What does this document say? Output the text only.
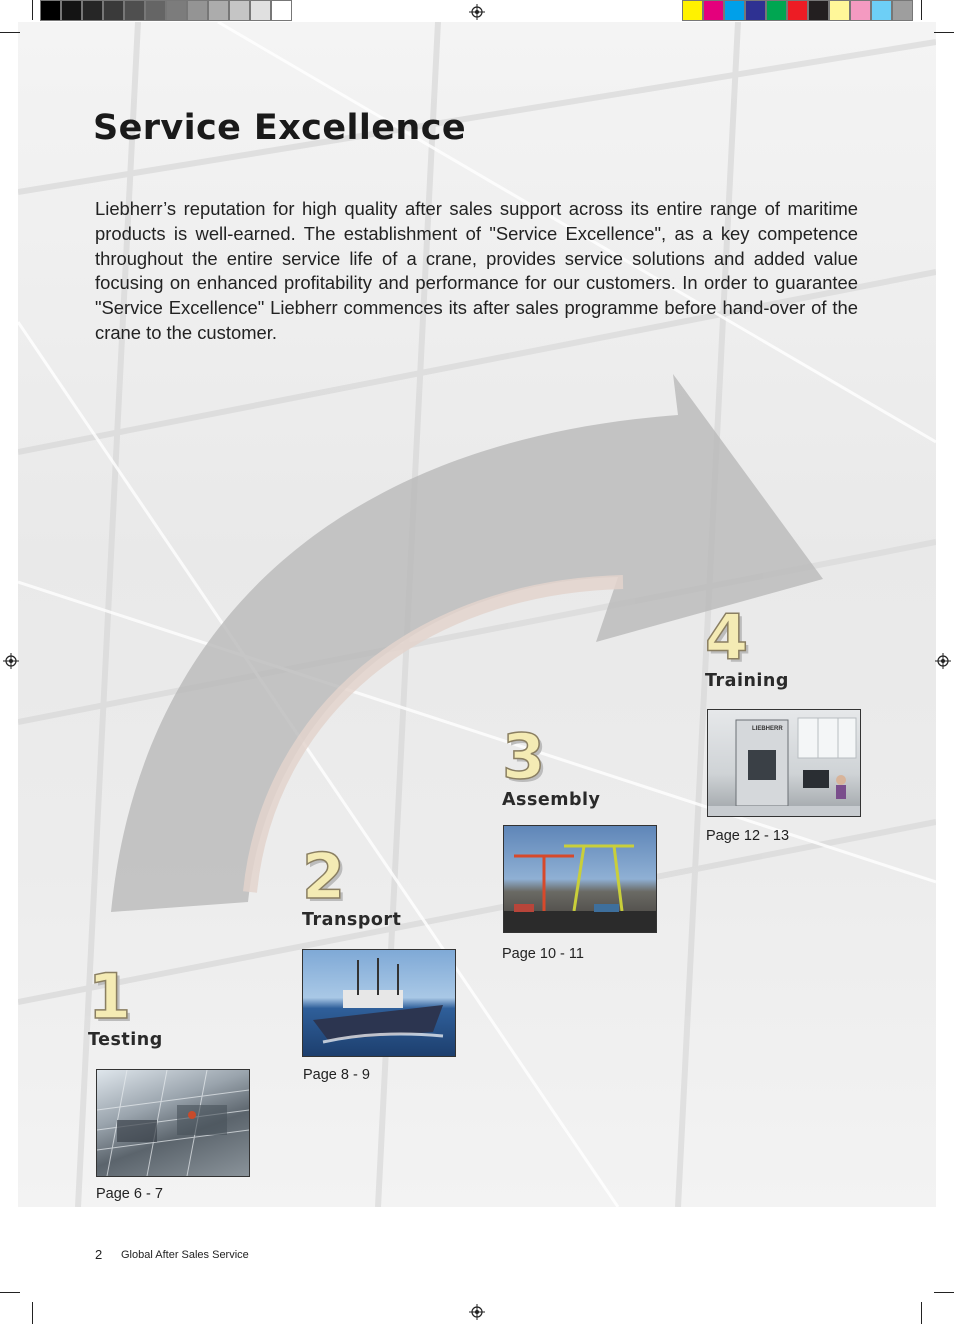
Service Excellence

Liebherr’s reputation for high quality after sales support across its entire range of maritime products is well-earned. The establishment of "Service Excellence", as a key competence throughout the entire service life of a crane, provides service solutions and added value focusing on enhanced profitability and performance for our customers. In order to guarantee "Service Excellence" Liebherr commences its after sales programme before hand-over of the crane to the customer.

1
Testing
Page 6 - 7
2
Transport
Page 8 - 9
3
Assembly
Page 10 - 11
4
Training
LIEBHERR
Page 12 - 13
2 Global After Sales Service
